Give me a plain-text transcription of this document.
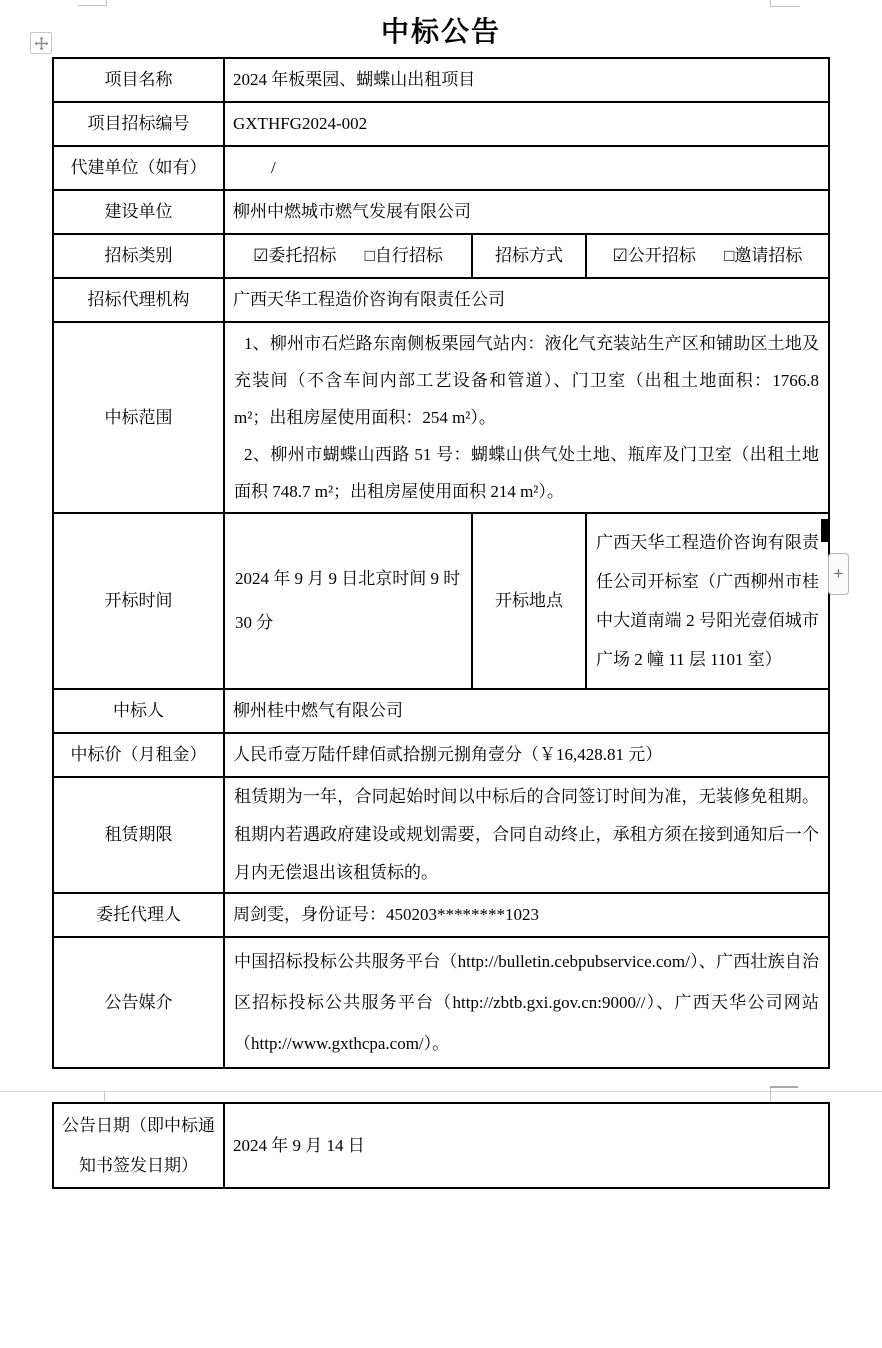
中标公告
项目名称	2024 年板栗园、蝴蝶山出租项目		
项目招标编号	GXTHFG2024-002		
代建单位（如有）	/		
建设单位	柳州中燃城市燃气发展有限公司		
招标类别	☑委托招标 □自行招标	招标方式	☑公开招标 □邀请招标
招标代理机构	广西天华工程造价咨询有限责任公司		
中标范围	1、柳州市石烂路东南侧板栗园气站内：液化气充装站生产区和铺助区土地及充装间（不含车间内部工艺设备和管道）、门卫室（出租土地面积：1766.8 m²；出租房屋使用面积：254 m²）。

2、柳州市蝴蝶山西路 51 号：蝴蝶山供气处土地、瓶库及门卫室（出租土地面积 748.7 m²；出租房屋使用面积 214 m²）。		

开标时间	2024 年 9 月 9 日北京时间 9 时 30 分	开标地点	广西天华工程造价咨询有限责任公司开标室（广西柳州市桂中大道南端 2 号阳光壹佰城市广场 2 幢 11 层 1101 室）
中标人	柳州桂中燃气有限公司		
中标价（月租金）	人民币壹万陆仟肆佰贰拾捌元捌角壹分（￥16,428.81 元）		
租赁期限	租赁期为一年，合同起始时间以中标后的合同签订时间为准，无装修免租期。租期内若遇政府建设或规划需要，合同自动终止，承租方须在接到通知后一个月内无偿退出该租赁标的。		
委托代理人	周剑雯，身份证号：450203********1023		
公告媒介	中国招标投标公共服务平台（http://bulletin.cebpubservice.com/）、广西壮族自治区招标投标公共服务平台（http://zbtb.gxi.gov.cn:9000//）、广西天华公司网站（http://www.gxthcpa.com/）。		
+
公告日期（即中标通知书签发日期）	2024 年 9 月 14 日
